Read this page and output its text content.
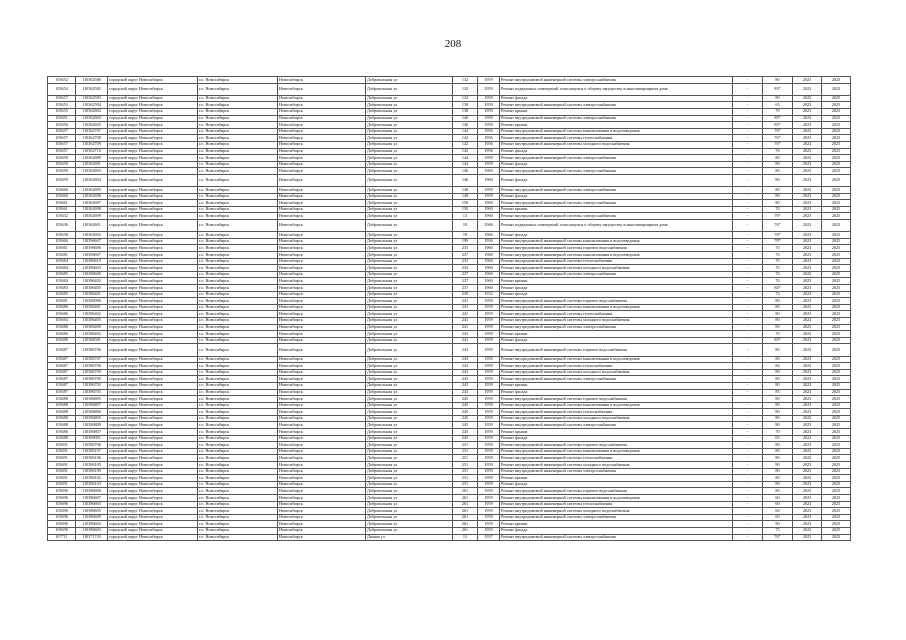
208
103652	110362580	городской округ Новосибирск	г.о. Новосибирск	Новосибирск	Добровольная ул	132	1959	Ремонт внутридомовой инженерной системы электроснабжения	-	80	2023	2025
103654	110362582	городской округ Новосибирск	г.о. Новосибирск	Новосибирск	Добровольная ул	132	1959	Ремонт подвальных помещений, относящихся к общему имуществу в многоквартирном доме	-	83*	2023	2025
103657	110362583	городской округ Новосибирск	г.о. Новосибирск	Новосибирск	Добровольная ул	132	1959	Ремонт фасада	-	80	2023	2025
103653	110362584	городской округ Новосибирск	г.о. Новосибирск	Новосибирск	Добровольная ул	138	1959	Ремонт внутридомовой инженерной системы электроснабжения	-	65	2022	2025
103655	110362602	городской округ Новосибирск	г.о. Новосибирск	Новосибирск	Добровольная ул	138	1959	Ремонт крыши	-	70	2023	2025
103651	110362603	городской округ Новосибирск	г.о. Новосибирск	Новосибирск	Добровольная ул	140	1959	Ремонт внутридомовой инженерной системы электроснабжения	-	85*	2023	2025
103656	110362605	городской округ Новосибирск	г.о. Новосибирск	Новосибирск	Добровольная ул	140	1959	Ремонт крыши	-	85*	2023	2025
103657	110362707	городской округ Новосибирск	г.о. Новосибирск	Новосибирск	Добровольная ул	142	1956	Ремонт внутридомовой инженерной системы канализования и водоотведения	-	76*	2023	2025
103657	110362708	городской округ Новосибирск	г.о. Новосибирск	Новосибирск	Добровольная ул	142	1956	Ремонт внутридомовой инженерной системы теплоснабжения	-	76*	2023	2025
103657	110362709	городской округ Новосибирск	г.о. Новосибирск	Новосибирск	Добровольная ул	142	1956	Ремонт внутридомовой инженерной системы холодного водоснабжения	-	76*	2023	2025
103657	110362710	городской округ Новосибирск	г.о. Новосибирск	Новосибирск	Добровольная ул	142	1956	Ремонт фасада	-	76	2023	2025
103658	110362689	городской округ Новосибирск	г.о. Новосибирск	Новосибирск	Добровольная ул	144	1959	Ремонт внутридомовой инженерной системы электроснабжения	-	80	2023	2025
103658	110362691	городской округ Новосибирск	г.о. Новосибирск	Новосибирск	Добровольная ул	144	1959	Ремонт фасада	-	80	2023	2025
103659	110362693	городской округ Новосибирск	г.о. Новосибирск	Новосибирск	Добровольная ул	146	1960	Ремонт внутридомовой инженерной системы электроснабжения	-	80	2023	2025
103659	110362694	городской округ Новосибирск	г.о. Новосибирск	Новосибирск	Добровольная ул	146	1960	Ремонт фасада	-	80	2023	2025
103660	110362695	городской округ Новосибирск	г.о. Новосибирск	Новосибирск	Добровольная ул	148	1959	Ремонт внутридомовой инженерной системы электроснабжения	-	80	2023	2025
103660	110362696	городской округ Новосибирск	г.о. Новосибирск	Новосибирск	Добровольная ул	148	1959	Ремонт фасада	-	80	2023	2025
103661	110362697	городской округ Новосибирск	г.о. Новосибирск	Новосибирск	Добровольная ул	150	1960	Ремонт внутридомовой инженерной системы электроснабжения	-	80	2023	2025
103661	110362698	городской округ Новосибирск	г.о. Новосибирск	Новосибирск	Добровольная ул	150	1960	Ремонт крыши	-	70	2023	2025
103632	110362699	городской округ Новосибирск	г.о. Новосибирск	Новосибирск	Добровольная ул	13	1960	Ремонт внутридомовой инженерной системы электроснабжения	-	76*	2023	2025
103636	110362601	городской округ Новосибирск	г.о. Новосибирск	Новосибирск	Добровольная ул	18	1966	Ремонт подвальных помещений, относящихся к общему имуществу в многоквартирном доме	-	76*	2023	2025
103638	110362602	городской округ Новосибирск	г.о. Новосибирск	Новосибирск	Добровольная ул	18	1966	Ремонт фасада	-	76*	2023	2025
103666	110396607	городской округ Новосибирск	г.о. Новосибирск	Новосибирск	Добровольная ул	199	1936	Ремонт внутридомовой инженерной системы канализования и водоотведения	-	78*	2023	2025
103661	110396606	городской округ Новосибирск	г.о. Новосибирск	Новосибирск	Добровольная ул	233	1960	Ремонт внутридомовой инженерной системы горячего водоснабжения	-	70	2023	2025
103681	110396607	городской округ Новосибирск	г.о. Новосибирск	Новосибирск	Добровольная ул	237	1960	Ремонт внутридомовой инженерной системы канализования и водоотведения	-	70	2023	2025
103684	110386610	городской округ Новосибирск	г.о. Новосибирск	Новосибирск	Добровольная ул	233	1960	Ремонт внутридомовой инженерной системы теплоснабжения	-	70	2023	2025
103684	110386603	городской округ Новосибирск	г.о. Новосибирск	Новосибирск	Добровольная ул	233	1960	Ремонт внутридомовой инженерной системы холодного водоснабжения	-	70	2023	2025
103685	110386609	городской округ Новосибирск	г.о. Новосибирск	Новосибирск	Добровольная ул	237	1960	Ремонт внутридомовой инженерной системы электроснабжения	-	70	2023	2025
103684	110386402	городской округ Новосибирск	г.о. Новосибирск	Новосибирск	Добровольная ул	237	1960	Ремонт крыши	-	70	2023	2025
103683	110386405	городской округ Новосибирск	г.о. Новосибирск	Новосибирск	Добровольная ул	237	1960	Ремонт фасада	-	84*	2023	2025
103685	110386401	городской округ Новосибирск	г.о. Новосибирск	Новосибирск	Добровольная ул	239	1932	Ремонт фасада	-	73	2023	2025
103681	110386906	городской округ Новосибирск	г.о. Новосибирск	Новосибирск	Добровольная ул	241	1959	Ремонт внутридомовой инженерной системы горячего водоснабжения	-	80	2023	2025
103686	110386401	городской округ Новосибирск	г.о. Новосибирск	Новосибирск	Добровольная ул	241	1959	Ремонт внутридомовой инженерной системы канализования и водоотведения	-	80	2023	2025
103686	110386402	городской округ Новосибирск	г.о. Новосибирск	Новосибирск	Добровольная ул	241	1959	Ремонт внутридомовой инженерной системы теплоснабжения	-	80	2023	2025
103684	110386405	городской округ Новосибирск	г.о. Новосибирск	Новосибирск	Добровольная ул	241	1959	Ремонт внутридомовой инженерной системы холодного водоснабжения	-	80	2023	2025
103686	110386409	городской округ Новосибирск	г.о. Новосибирск	Новосибирск	Добровольная ул	241	1959	Ремонт внутридомовой инженерной системы электроснабжения	-	80	2023	2025
103686	110386402	городской округ Новосибирск	г.о. Новосибирск	Новосибирск	Добровольная ул	241	1959	Ремонт крыши	-	70	2023	2025
103688	110386501	городской округ Новосибирск	г.о. Новосибирск	Новосибирск	Добровольная ул	241	1959	Ремонт фасада	-	85*	2023	2025
103687	110386706	городской округ Новосибирск	г.о. Новосибирск	Новосибирск	Добровольная ул	243	1959	Ремонт внутридомовой инженерной системы горячего водоснабжения	-	80	2023	2025
103687	110386707	городской округ Новосибирск	г.о. Новосибирск	Новосибирск	Добровольная ул	243	1959	Ремонт внутридомовой инженерной системы канализования и водоотведения	-	80	2023	2025
103687	110386706	городской округ Новосибирск	г.о. Новосибирск	Новосибирск	Добровольная ул	243	1959	Ремонт внутридомовой инженерной системы теплоснабжения	-	84	2023	2025
103687	110386709	городской округ Новосибирск	г.о. Новосибирск	Новосибирск	Добровольная ул	243	1959	Ремонт внутридомовой инженерной системы холодного водоснабжения	-	80	2023	2025
103687	110386709	городской округ Новосибирск	г.о. Новосибирск	Новосибирск	Добровольная ул	243	1959	Ремонт внутридомовой инженерной системы электроснабжения	-	80	2023	2025
103687	110386702	городской округ Новосибирск	г.о. Новосибирск	Новосибирск	Добровольная ул	243	1959	Ремонт крыши	-	80	2023	2025
103687	110386703	городской округ Новосибирск	г.о. Новосибирск	Новосибирск	Добровольная ул	243	1959	Ремонт фасада	-	85	2023	2025
103688	110386805	городской округ Новосибирск	г.о. Новосибирск	Новосибирск	Добровольная ул	245	1959	Ремонт внутридомовой инженерной системы горячего водоснабжения	-	80	2023	2025
103688	110386807	городской округ Новосибирск	г.о. Новосибирск	Новосибирск	Добровольная ул	245	1959	Ремонт внутридомовой инженерной системы канализования и водоотведения	-	80	2023	2025
103688	110386806	городской округ Новосибирск	г.о. Новосибирск	Новосибирск	Добровольная ул	245	1959	Ремонт внутридомовой инженерной системы теплоснабжения	-	80	2023	2025
103688	110386805	городской округ Новосибирск	г.о. Новосибирск	Новосибирск	Добровольная ул	245	1959	Ремонт внутридомовой инженерной системы холодного водоснабжения	-	80	2023	2025
103688	110386809	городской округ Новосибирск	г.о. Новосибирск	Новосибирск	Добровольная ул	245	1959	Ремонт внутридомовой инженерной системы электроснабжения	-	80	2023	2025
103686	110386807	городской округ Новосибирск	г.о. Новосибирск	Новосибирск	Добровольная ул	245	1959	Ремонт крыши	-	70	2023	2025
103688	110386901	городской округ Новосибирск	г.о. Новосибирск	Новосибирск	Добровольная ул	245	1959	Ремонт фасада	-	65	2022	2025
103691	110386706	городской округ Новосибирск	г.о. Новосибирск	Новосибирск	Добровольная ул	251	1959	Ремонт внутридомовой инженерной системы горячего водоснабжения	-	80	2023	2025
103691	110386107	городской округ Новосибирск	г.о. Новосибирск	Новосибирск	Добровольная ул	251	1959	Ремонт внутридомовой инженерной системы канализования и водоотведения	-	80	2023	2025
103691	110386106	городской округ Новосибирск	г.о. Новосибирск	Новосибирск	Добровольная ул	251	1959	Ремонт внутридомовой инженерной системы теплоснабжения	-	80	2023	2025
103691	110386105	городской округ Новосибирск	г.о. Новосибирск	Новосибирск	Добровольная ул	251	1959	Ремонт внутридомовой инженерной системы холодного водоснабжения	-	80	2023	2025
103691	110386109	городской округ Новосибирск	г.о. Новосибирск	Новосибирск	Добровольная ул	251	1959	Ремонт внутридомовой инженерной системы электроснабжения	-	80	2023	2025
103691	110386102	городской округ Новосибирск	г.о. Новосибирск	Новосибирск	Добровольная ул	251	1959	Ремонт крыши	-	80	2023	2025
103691	110386103	городской округ Новосибирск	г.о. Новосибирск	Новосибирск	Добровольная ул	251	1959	Ремонт фасада	-	80	2023	2025
103696	110386606	городской округ Новосибирск	г.о. Новосибирск	Новосибирск	Добровольная ул	261	1959	Ремонт внутридомовой инженерной системы горячего водоснабжения	-	80	2023	2025
103696	110386607	городской округ Новосибирск	г.о. Новосибирск	Новосибирск	Добровольная ул	261	1959	Ремонт внутридомовой инженерной системы канализования и водоотведения	-	60	2023	2025
103696	110386603	городской округ Новосибирск	г.о. Новосибирск	Новосибирск	Добровольная ул	261	1959	Ремонт внутридомовой инженерной системы теплоснабжения	-	60	2023	2025
103696	110386605	городской округ Новосибирск	г.о. Новосибирск	Новосибирск	Добровольная ул	261	1959	Ремонт внутридомовой инженерной системы холодного водоснабжения	-	60	2023	2025
103696	110386609	городской округ Новосибирск	г.о. Новосибирск	Новосибирск	Добровольная ул	261	1959	Ремонт внутридомовой инженерной системы электроснабжения	-	60	2023	2025
103696	110386602	городской округ Новосибирск	г.о. Новосибирск	Новосибирск	Добровольная ул	261	1959	Ремонт крыши	-	90	2023	2025
103696	110386603	городской округ Новосибирск	г.о. Новосибирск	Новосибирск	Добровольная ул	261	1959	Ремонт фасада	-	75	2023	2025
107711	110371743	городской округ Новосибирск	г.о. Новосибирск	Новосибирск	Дачная ул	13	1957	Ремонт внутридомовой инженерной системы электроснабжения	-	76*	2023	2025
